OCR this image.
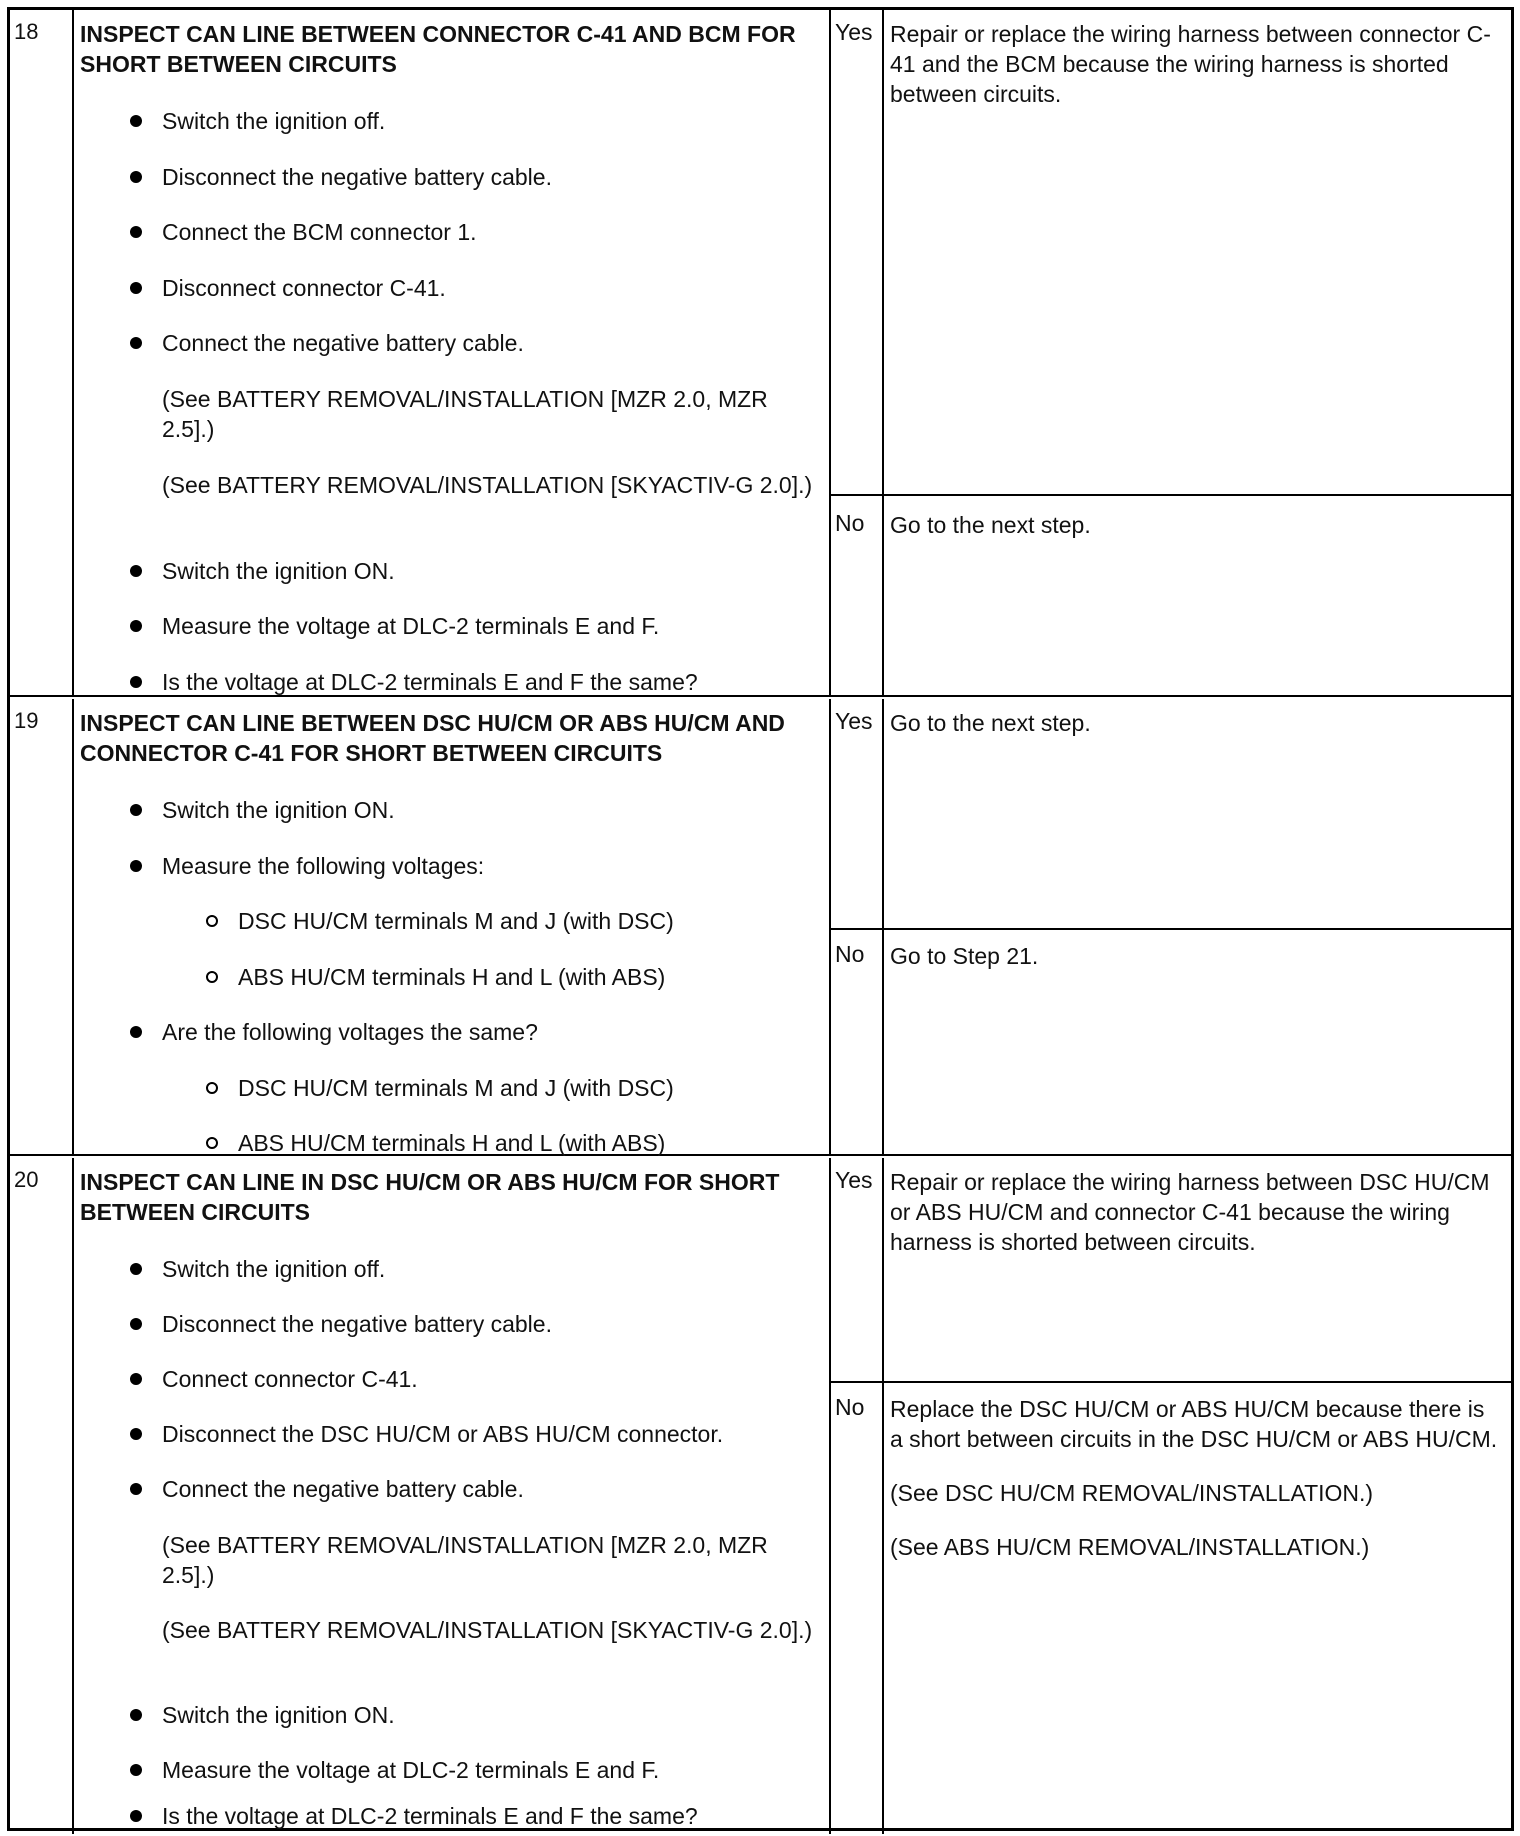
18 INSPECT CAN LINE BETWEEN CONNECTOR C-41 AND BCM FOR SHORT BETWEEN CIRCUITS
Switch the ignition off.
Disconnect the negative battery cable.
Connect the BCM connector 1.
Disconnect connector C-41.
Connect the negative battery cable.
(See BATTERY REMOVAL/INSTALLATION [MZR 2.0, MZR 2.5].)
(See BATTERY REMOVAL/INSTALLATION [SKYACTIV-G 2.0].)
Switch the ignition ON.
Measure the voltage at DLC-2 terminals E and F.
Is the voltage at DLC-2 terminals E and F the same?
Yes Repair or replace the wiring harness between connector C-41 and the BCM because the wiring harness is shorted between circuits.

No Go to the next step.

19 INSPECT CAN LINE BETWEEN DSC HU/CM OR ABS HU/CM AND CONNECTOR C-41 FOR SHORT BETWEEN CIRCUITS
Switch the ignition ON.
Measure the following voltages:
DSC HU/CM terminals M and J (with DSC)
ABS HU/CM terminals H and L (with ABS)
Are the following voltages the same?
DSC HU/CM terminals M and J (with DSC)
ABS HU/CM terminals H and L (with ABS)
Yes Go to the next step.

No Go to Step 21.

20 INSPECT CAN LINE IN DSC HU/CM OR ABS HU/CM FOR SHORT BETWEEN CIRCUITS
Switch the ignition off.
Disconnect the negative battery cable.
Connect connector C-41.
Disconnect the DSC HU/CM or ABS HU/CM connector.
Connect the negative battery cable.
(See BATTERY REMOVAL/INSTALLATION [MZR 2.0, MZR 2.5].)
(See BATTERY REMOVAL/INSTALLATION [SKYACTIV-G 2.0].)
Switch the ignition ON.
Measure the voltage at DLC-2 terminals E and F.
Is the voltage at DLC-2 terminals E and F the same?
Yes Repair or replace the wiring harness between DSC HU/CM or ABS HU/CM and connector C-41 because the wiring harness is shorted between circuits.

No Replace the DSC HU/CM or ABS HU/CM because there is a short between circuits in the DSC HU/CM or ABS HU/CM.

(See DSC HU/CM REMOVAL/INSTALLATION.)

(See ABS HU/CM REMOVAL/INSTALLATION.)
